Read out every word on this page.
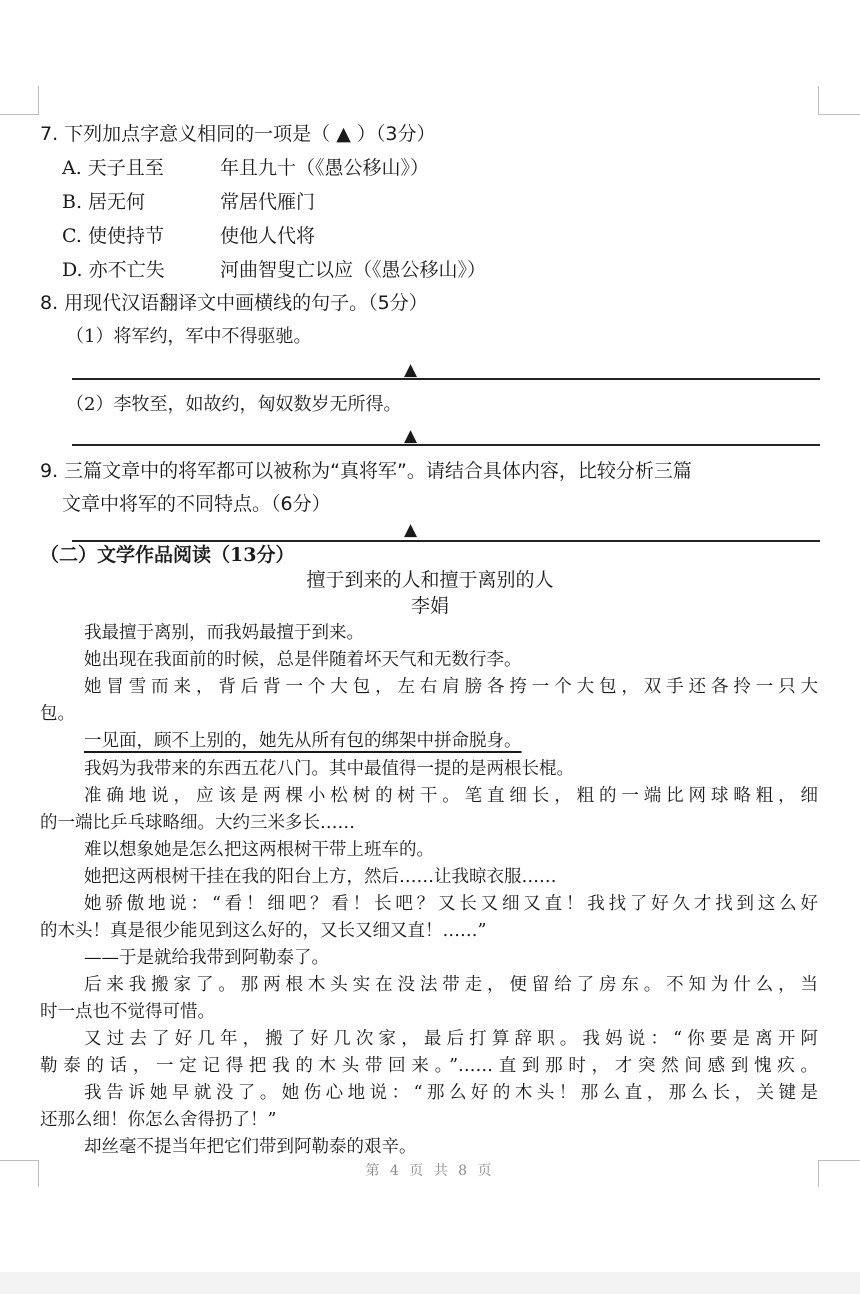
7. 下列加点字意义相同的一项是（ ▲ ）（3分）
A. 天子且至	年且九十（《愚公移山》）
B. 居无何	常居代雁门
C. 使使持节	使他人代将
D. 亦不亡失	河曲智叟亡以应（《愚公移山》）
8. 用现代汉语翻译文中画横线的句子。（5分）
（1）将军约，军中不得驱驰。
▲
（2）李牧至，如故约，匈奴数岁无所得。
▲
9. 三篇文章中的将军都可以被称为“真将军”。请结合具体内容，比较分析三篇
文章中将军的不同特点。（6分）
▲
（二）文学作品阅读（13分）
擅于到来的人和擅于离别的人
李娟
我最擅于离别，而我妈最擅于到来。
她出现在我面前的时候，总是伴随着坏天气和无数行李。
她冒雪而来，背后背一个大包，左右肩膀各挎一个大包，双手还各拎一只大
包。
一见面，顾不上别的，她先从所有包的绑架中拼命脱身。
我妈为我带来的东西五花八门。其中最值得一提的是两根长棍。
准确地说，应该是两棵小松树的树干。笔直细长，粗的一端比网球略粗，细
的一端比乒乓球略细。大约三米多长……
难以想象她是怎么把这两根树干带上班车的。
她把这两根树干挂在我的阳台上方，然后……让我晾衣服……
她骄傲地说：“看！细吧？看！长吧？又长又细又直！我找了好久才找到这么好
的木头！真是很少能见到这么好的，又长又细又直！……”
——于是就给我带到阿勒泰了。
后来我搬家了。那两根木头实在没法带走，便留给了房东。不知为什么，当
时一点也不觉得可惜。
又过去了好几年，搬了好几次家，最后打算辞职。我妈说：“你要是离开阿
勒泰的话，一定记得把我的木头带回来。”……直到那时，才突然间感到愧疚。
我告诉她早就没了。她伤心地说：“那么好的木头！那么直，那么长，关键是
还那么细！你怎么舍得扔了！”
却丝毫不提当年把它们带到阿勒泰的艰辛。
第 4 页 共 8 页
